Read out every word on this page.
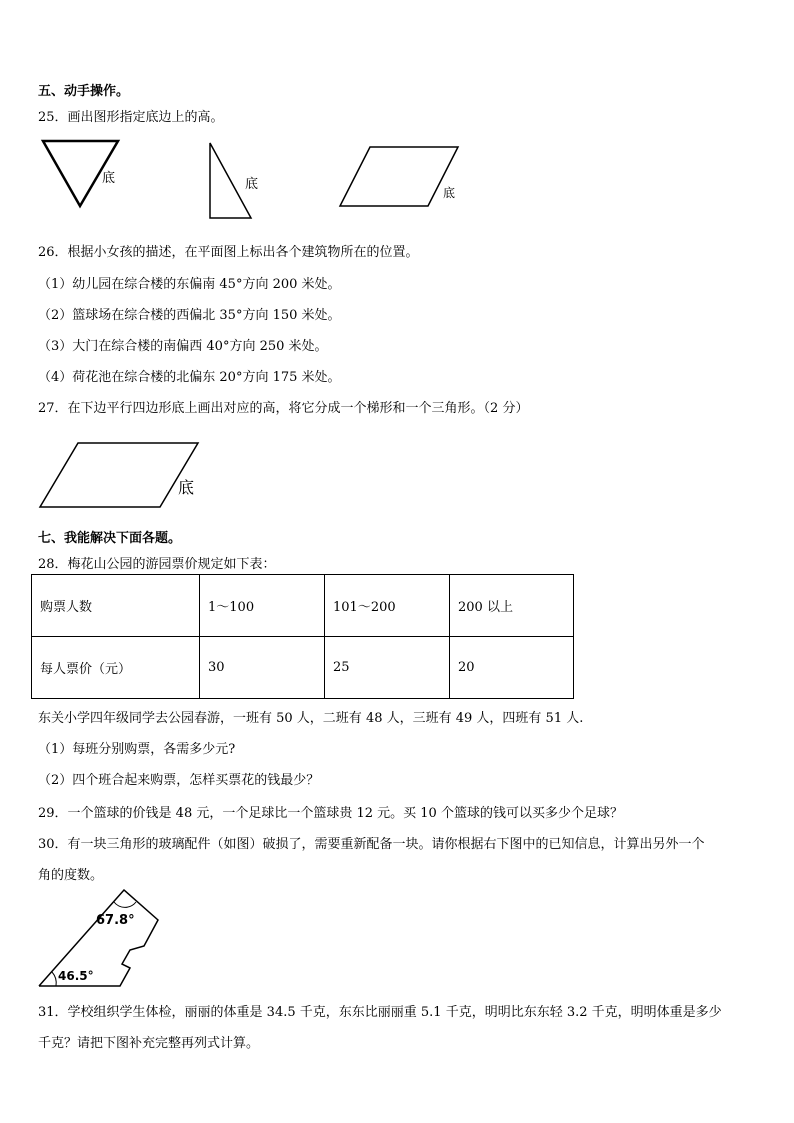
五、动手操作。
25．画出图形指定底边上的高。
底	底
底
26．根据小女孩的描述，在平面图上标出各个建筑物所在的位置。
（1）幼儿园在综合楼的东偏南 45°方向 200 米处。
（2）篮球场在综合楼的西偏北 35°方向 150 米处。
（3）大门在综合楼的南偏西 40°方向 250 米处。
（4）荷花池在综合楼的北偏东 20°方向 175 米处。
27．在下边平行四边形底上画出对应的高，将它分成一个梯形和一个三角形。（2 分）
底
七、我能解决下面各题。
28．梅花山公园的游园票价规定如下表：
购票人数	1～100	101～200	200 以上
每人票价（元）	30	25	20
东关小学四年级同学去公园春游，一班有 50 人，二班有 48 人，三班有 49 人，四班有 51 人.
（1）每班分别购票，各需多少元?
（2）四个班合起来购票，怎样买票花的钱最少？
29．一个篮球的价钱是 48 元，一个足球比一个篮球贵 12 元。买 10 个篮球的钱可以买多少个足球？
30．有一块三角形的玻璃配件（如图）破损了，需要重新配备一块。请你根据右下图中的已知信息，计算出另外一个
角的度数。
67.8°
46.5°
31．学校组织学生体检，丽丽的体重是 34.5 千克，东东比丽丽重 5.1 千克，明明比东东轻 3.2 千克，明明体重是多少
千克？请把下图补充完整再列式计算。
